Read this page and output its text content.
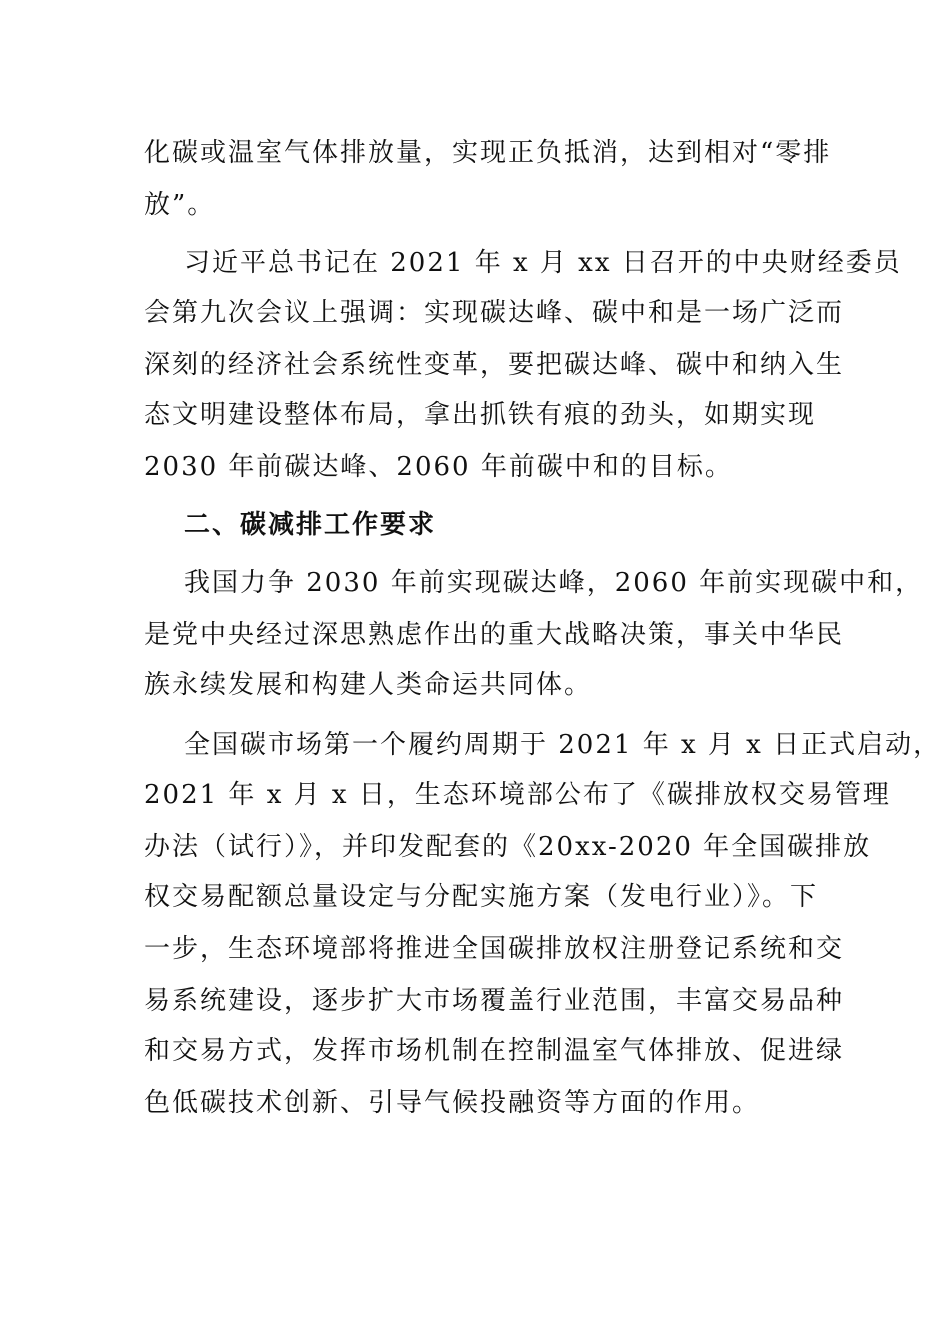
化碳或温室气体排放量，实现正负抵消，达到相对“零排
放”。
习近平总书记在 2021 年 x 月 xx 日召开的中央财经委员
会第九次会议上强调：实现碳达峰、碳中和是一场广泛而
深刻的经济社会系统性变革，要把碳达峰、碳中和纳入生
态文明建设整体布局，拿出抓铁有痕的劲头，如期实现
2030 年前碳达峰、2060 年前碳中和的目标。
二、碳减排工作要求
我国力争 2030 年前实现碳达峰，2060 年前实现碳中和，
是党中央经过深思熟虑作出的重大战略决策，事关中华民
族永续发展和构建人类命运共同体。
全国碳市场第一个履约周期于 2021 年 x 月 x 日正式启动，
2021 年 x 月 x 日，生态环境部公布了《碳排放权交易管理
办法（试行）》，并印发配套的《20xx-2020 年全国碳排放
权交易配额总量设定与分配实施方案（发电行业）》。下
一步，生态环境部将推进全国碳排放权注册登记系统和交
易系统建设，逐步扩大市场覆盖行业范围，丰富交易品种
和交易方式，发挥市场机制在控制温室气体排放、促进绿
色低碳技术创新、引导气候投融资等方面的作用。
